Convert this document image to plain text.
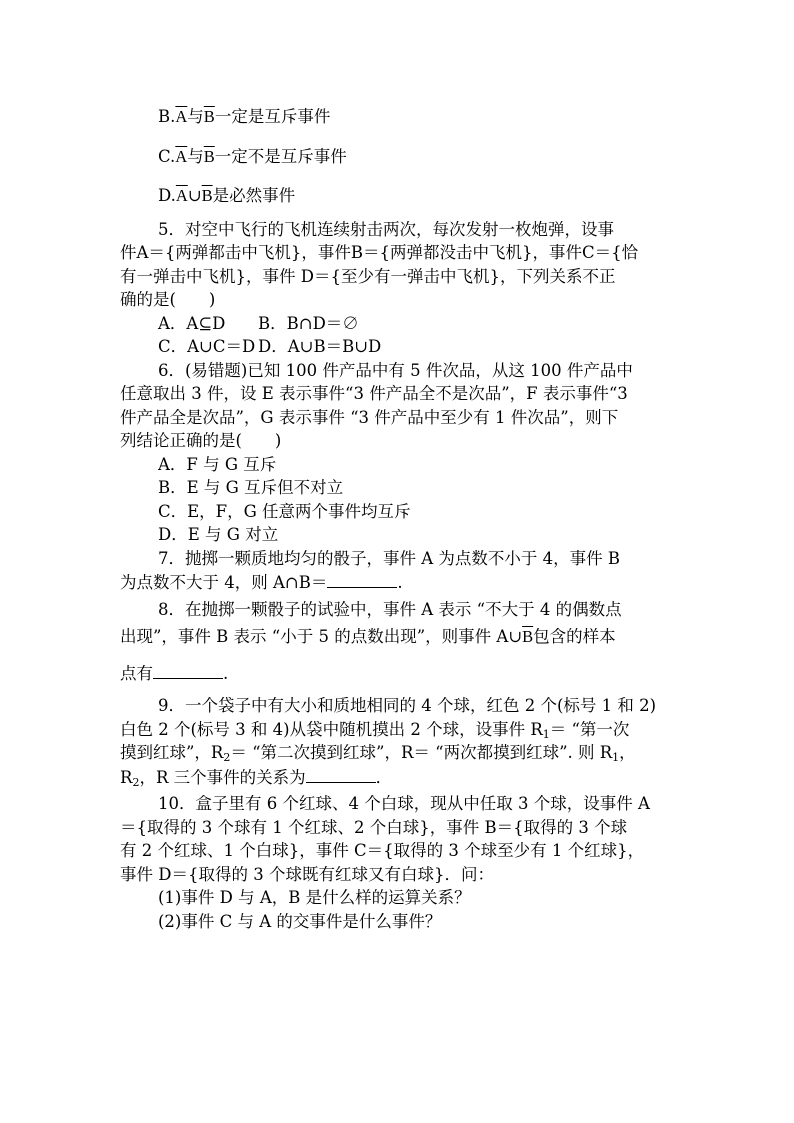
$B.\overline{A}$与$\overline{B}$一定是互斥事件
$C.\overline{A}$与$\overline{B}$一定不是互斥事件
$D.\overline{A}\cup\overline{B}$是必然事件
5．对空中飞行的飞机连续射击两次，每次发射一枚炮弹，设事
件A＝{两弹都击中飞机}，事件B＝{两弹都没击中飞机}，事件C＝{恰
有一弹击中飞机}，事件 D＝{至少有一弹击中飞机}，下列关系不正
确的是(　　)
A．A⊆D B．B∩D＝∅
C．A∪C＝D D．A∪B＝B∪D
6．(易错题)已知 100 件产品中有 5 件次品，从这 100 件产品中
任意取出 3 件，设 E 表示事件“3 件产品全不是次品”，F 表示事件“3
件产品全是次品”，G 表示事件 “3 件产品中至少有 1 件次品”，则下
列结论正确的是(　　)
A．F 与 G 互斥
B．E 与 G 互斥但不对立
C．E，F，G 任意两个事件均互斥
D．E 与 G 对立
7．抛掷一颗质地均匀的骰子，事件 A 为点数不小于 4，事件 B
为点数不大于 4，则 A∩B＝	.
8．在抛掷一颗骰子的试验中，事件 A 表示 “不大于 4 的偶数点
出现”，事件 B 表示 “小于 5 的点数出现”，则事件 $A\cup\overline{B}$包含的样本
点有	.
9．一个袋子中有大小和质地相同的 4 个球，红色 2 个(标号 1 和 2)
白色 2 个(标号 3 和 4)从袋中随机摸出 2 个球，设事件 $R_1=$ “第一次
摸到红球”，$R_2=$ “第二次摸到红球”，R＝ “两次都摸到红球”. 则 $R_1$，
$R_2$，R 三个事件的关系为	．
10．盒子里有 6 个红球、4 个白球，现从中任取 3 个球，设事件 A
＝{取得的 3 个球有 1 个红球、2 个白球}，事件 B＝{取得的 3 个球
有 2 个红球、1 个白球}，事件 C＝{取得的 3 个球至少有 1 个红球}，
事件 D＝{取得的 3 个球既有红球又有白球}．问：
(1)事件 D 与 A，B 是什么样的运算关系？
(2)事件 C 与 A 的交事件是什么事件？
